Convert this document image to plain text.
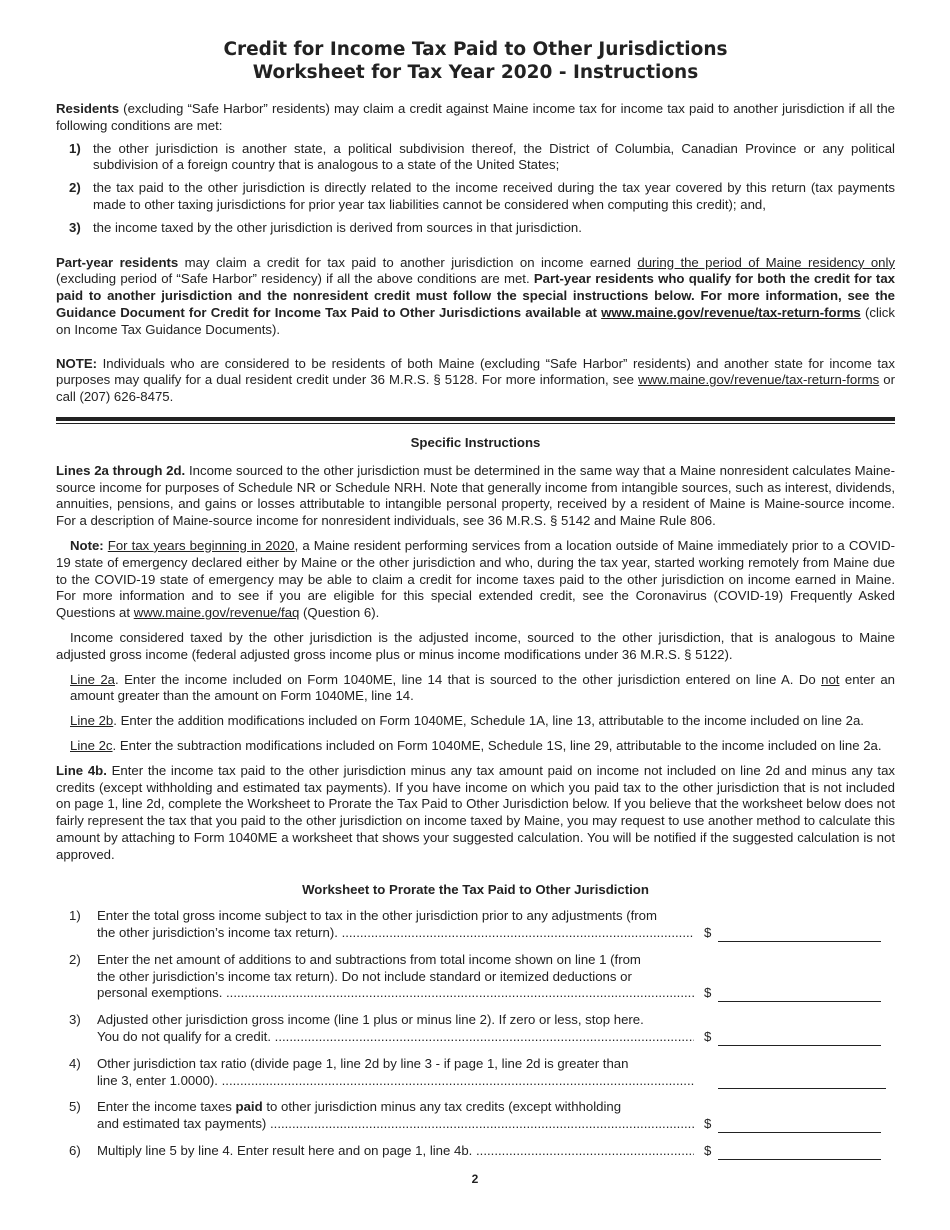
Credit for Income Tax Paid to Other Jurisdictions
Worksheet for Tax Year 2020 - Instructions

Residents (excluding “Safe Harbor” residents) may claim a credit against Maine income tax for income tax paid to another jurisdiction if all the following conditions are met:

1) the other jurisdiction is another state, a political subdivision thereof, the District of Columbia, Canadian Province or any political subdivision of a foreign country that is analogous to a state of the United States;
2) the tax paid to the other jurisdiction is directly related to the income received during the tax year covered by this return (tax payments made to other taxing jurisdictions for prior year tax liabilities cannot be considered when computing this credit); and,
3) the income taxed by the other jurisdiction is derived from sources in that jurisdiction.

Part-year residents may claim a credit for tax paid to another jurisdiction on income earned during the period of Maine residency only (excluding period of “Safe Harbor” residency) if all the above conditions are met. Part-year residents who qualify for both the credit for tax paid to another jurisdiction and the nonresident credit must follow the special instructions below. For more information, see the Guidance Document for Credit for Income Tax Paid to Other Jurisdictions available at www.maine.gov/revenue/tax-return-forms (click on Income Tax Guidance Documents).

NOTE: Individuals who are considered to be residents of both Maine (excluding “Safe Harbor” residents) and another state for income tax purposes may qualify for a dual resident credit under 36 M.R.S. § 5128. For more information, see www.maine.gov/revenue/tax-return-forms or call (207) 626-8475.

Specific Instructions

Lines 2a through 2d. Income sourced to the other jurisdiction must be determined in the same way that a Maine nonresident calculates Maine-source income for purposes of Schedule NR or Schedule NRH. Note that generally income from intangible sources, such as interest, dividends, annuities, pensions, and gains or losses attributable to intangible personal property, received by a resident of Maine is Maine-source income. For a description of Maine-source income for nonresident individuals, see 36 M.R.S. § 5142 and Maine Rule 806.

Note: For tax years beginning in 2020, a Maine resident performing services from a location outside of Maine immediately prior to a COVID-19 state of emergency declared either by Maine or the other jurisdiction and who, during the tax year, started working remotely from Maine due to the COVID-19 state of emergency may be able to claim a credit for income taxes paid to the other jurisdiction on income earned in Maine. For more information and to see if you are eligible for this special extended credit, see the Coronavirus (COVID-19) Frequently Asked Questions at www.maine.gov/revenue/faq (Question 6).

Income considered taxed by the other jurisdiction is the adjusted income, sourced to the other jurisdiction, that is analogous to Maine adjusted gross income (federal adjusted gross income plus or minus income modifications under 36 M.R.S. § 5122).

Line 2a. Enter the income included on Form 1040ME, line 14 that is sourced to the other jurisdiction entered on line A. Do not enter an amount greater than the amount on Form 1040ME, line 14.

Line 2b. Enter the addition modifications included on Form 1040ME, Schedule 1A, line 13, attributable to the income included on line 2a.

Line 2c. Enter the subtraction modifications included on Form 1040ME, Schedule 1S, line 29, attributable to the income included on line 2a.

Line 4b. Enter the income tax paid to the other jurisdiction minus any tax amount paid on income not included on line 2d and minus any tax credits (except withholding and estimated tax payments). If you have income on which you paid tax to the other jurisdiction that is not included on page 1, line 2d, complete the Worksheet to Prorate the Tax Paid to Other Jurisdiction below. If you believe that the worksheet below does not fairly represent the tax that you paid to the other jurisdiction on income taxed by Maine, you may request to use another method to calculate this amount by attaching to Form 1040ME a worksheet that shows your suggested calculation. You will be notified if the suggested calculation is not approved.

Worksheet to Prorate the Tax Paid to Other Jurisdiction
1)	Enter the total gross income subject to tax in the other jurisdiction prior to any adjustments (from
the other jurisdiction’s income tax return). .....	$
2)	Enter the net amount of additions to and subtractions from total income shown on line 1 (from
the other jurisdiction’s income tax return). Do not include standard or itemized deductions or
personal exemptions. .....	$
3)	Adjusted other jurisdiction gross income (line 1 plus or minus line 2). If zero or less, stop here.
You do not qualify for a credit. .....	$
4)	Other jurisdiction tax ratio (divide page 1, line 2d by line 3 - if page 1, line 2d is greater than
line 3, enter 1.0000). .....
5)	Enter the income taxes paid to other jurisdiction minus any tax credits (except withholding
and estimated tax payments) .....	$
6)	Multiply line 5 by line 4. Enter result here and on page 1, line 4b. .....	$
2
